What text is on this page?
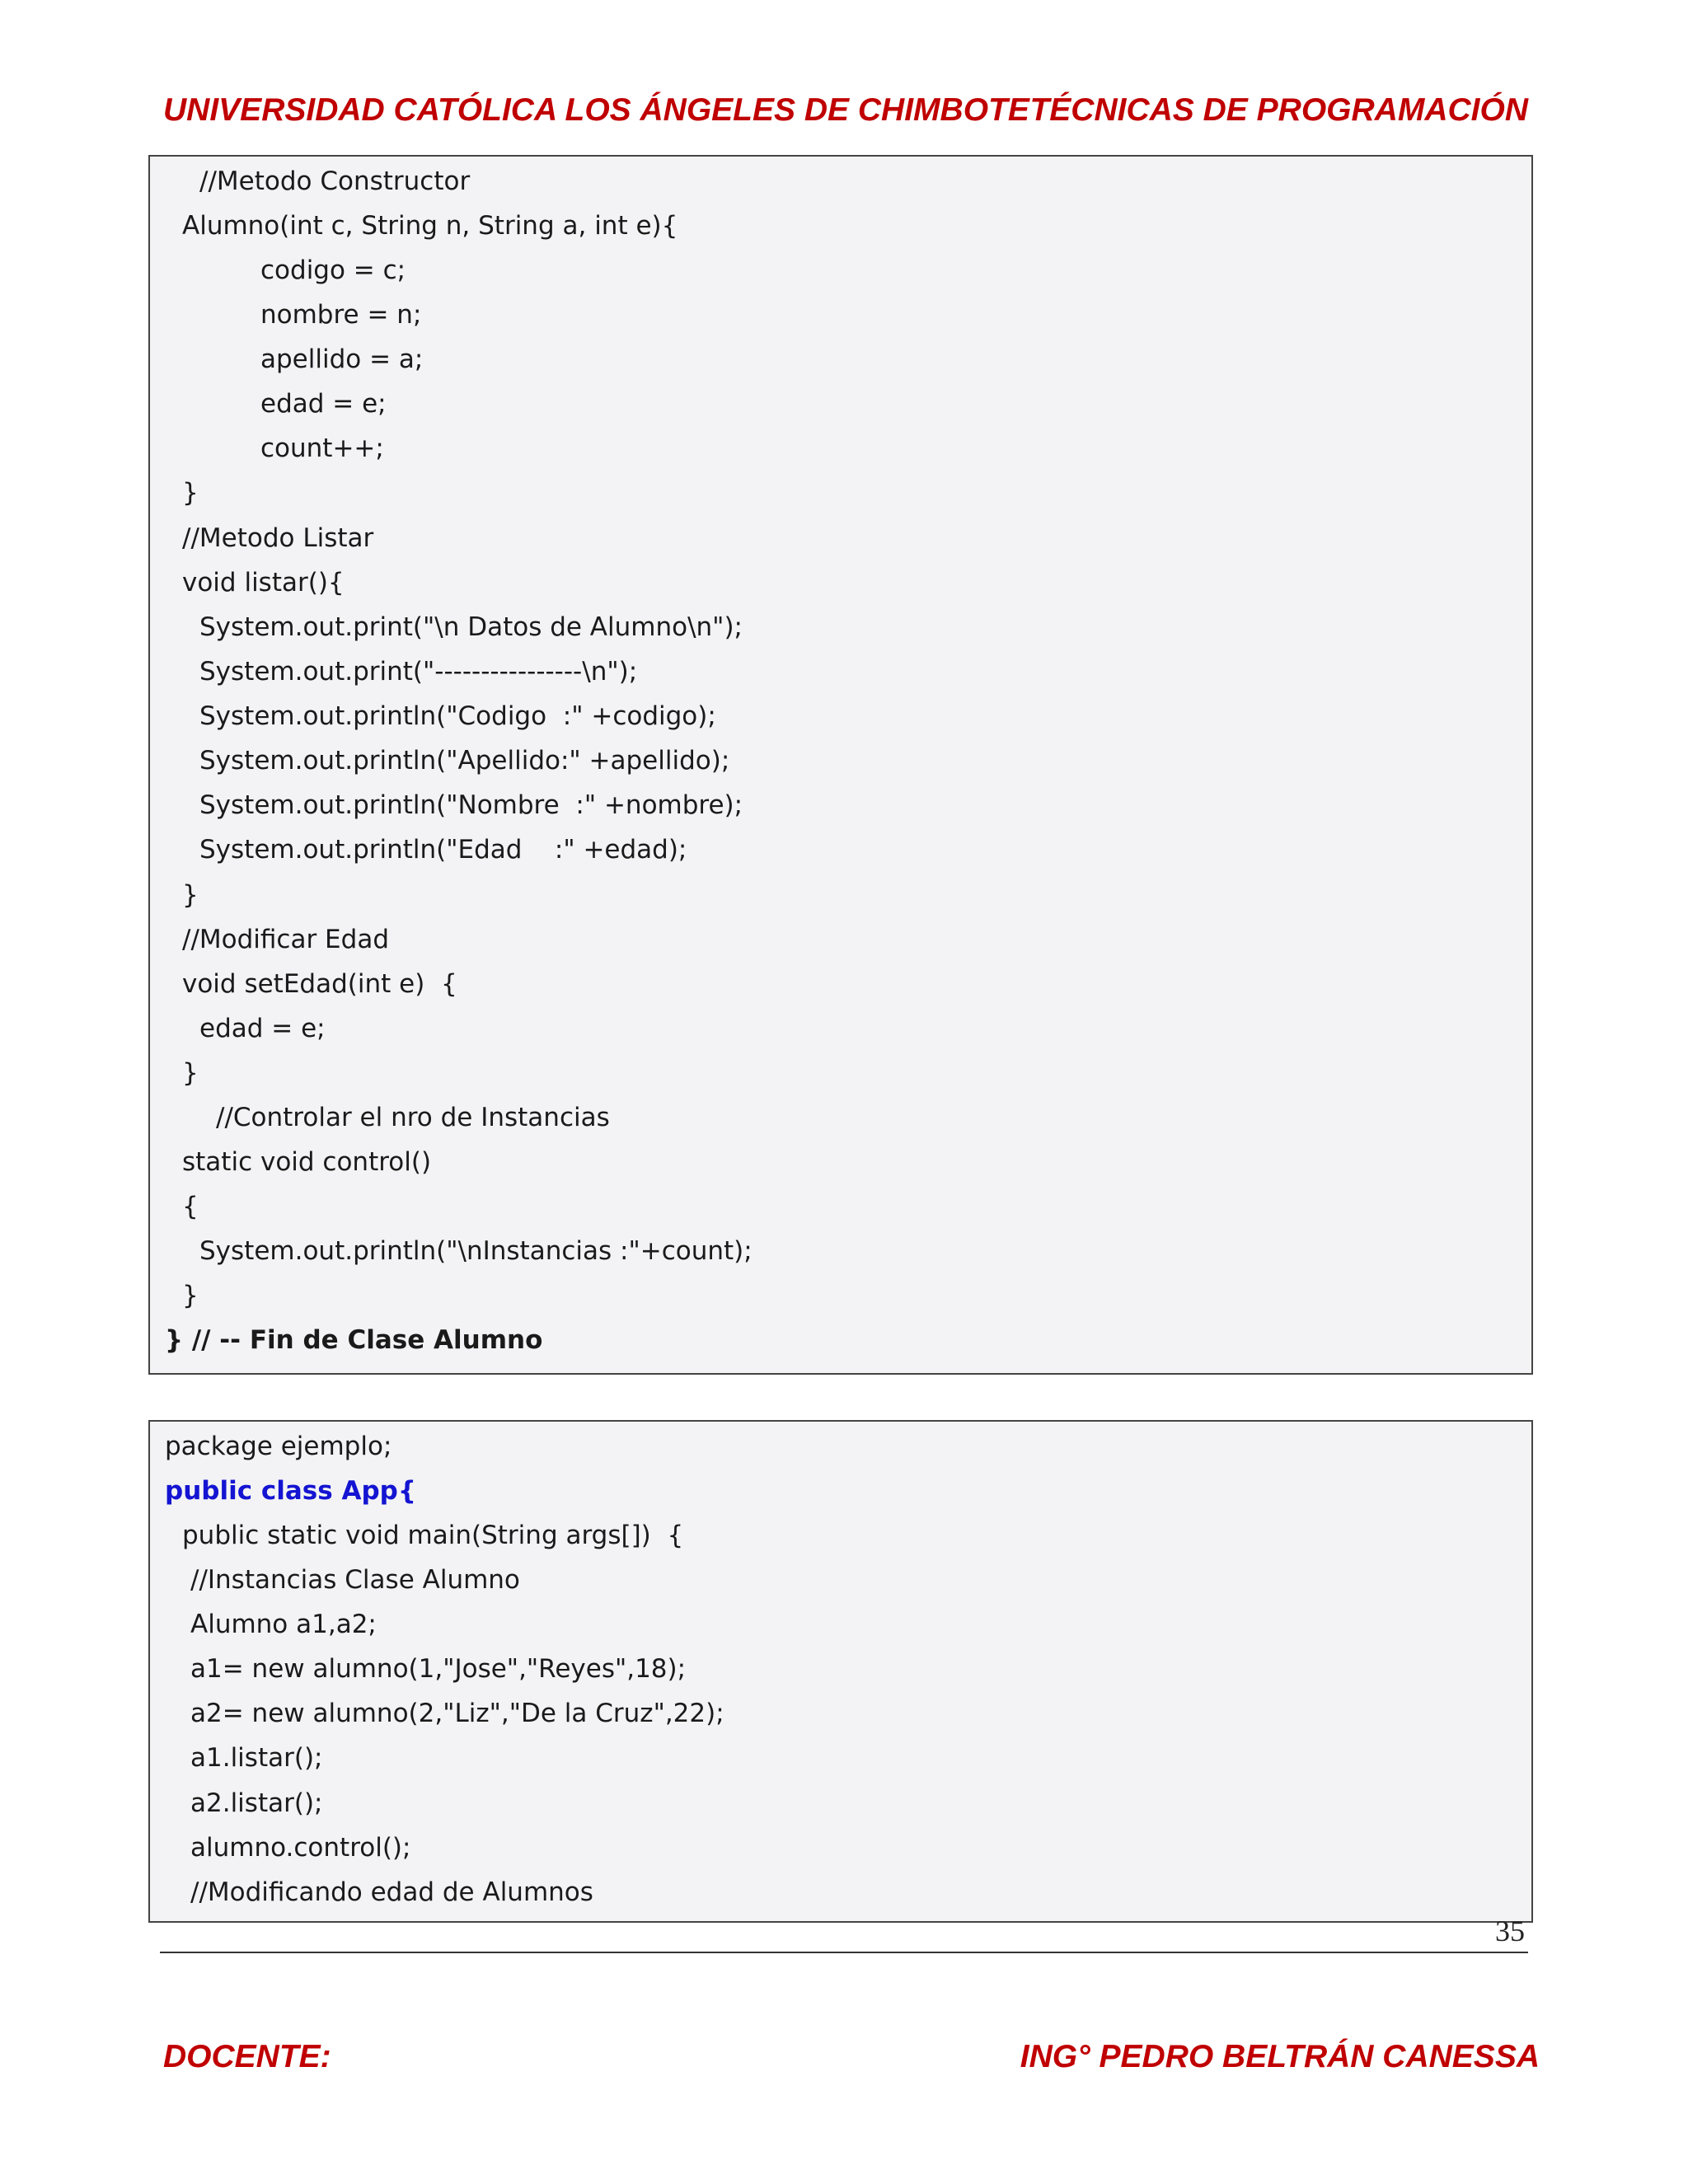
UNIVERSIDAD CATÓLICA LOS ÁNGELES DE CHIMBOTE TÉCNICAS DE PROGRAMACIÓN
//Metodo Constructor
Alumno(int c, String n, String a, int e){
codigo = c;
nombre = n;
apellido = a;
edad = e;
count++;
}
//Metodo Listar
void listar(){
System.out.print("\n Datos de Alumno\n");
System.out.print("----------------\n");
System.out.println("Codigo  :" +codigo);
System.out.println("Apellido:" +apellido);
System.out.println("Nombre  :" +nombre);
System.out.println("Edad    :" +edad);
}
//Modificar Edad
void setEdad(int e)  {
edad = e;
}
//Controlar el nro de Instancias
static void control()
{
System.out.println("\nInstancias :"+count);
}
} // -- Fin de Clase Alumno
package ejemplo;
public class App{
public static void main(String args[])  {
//Instancias Clase Alumno
Alumno a1,a2;
a1= new alumno(1,"Jose","Reyes",18);
a2= new alumno(2,"Liz","De la Cruz",22);
a1.listar();
a2.listar();
alumno.control();
//Modificando edad de Alumnos
35
DOCENTE:	ING° PEDRO BELTRÁN CANESSA
